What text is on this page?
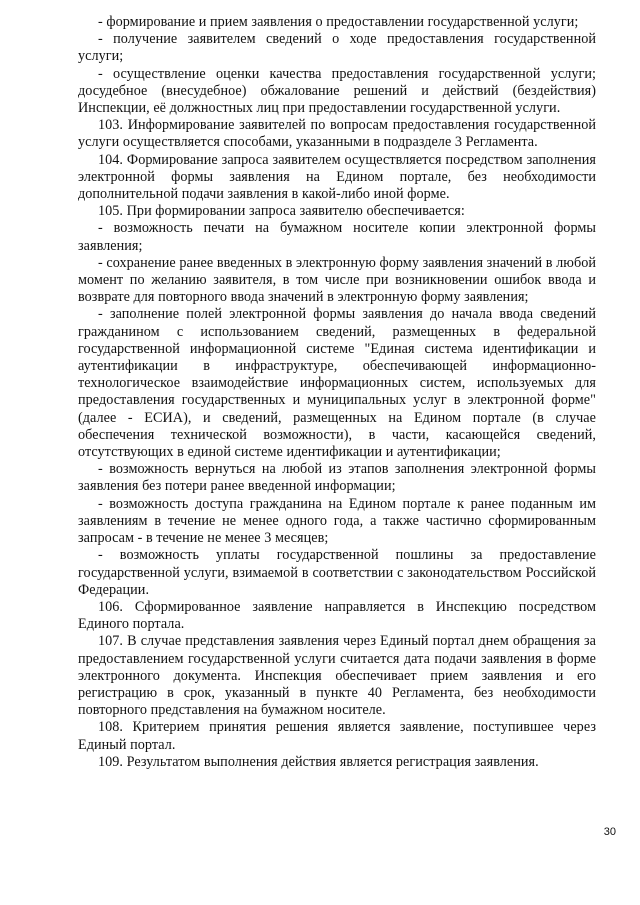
- формирование и прием заявления о предоставлении государственной услуги;

- получение заявителем сведений о ходе предоставления государственной услуги;

- осуществление оценки качества предоставления государственной услуги; досудебное (внесудебное) обжалование решений и действий (бездействия) Инспекции, её должностных лиц при предоставлении государственной услуги.

103. Информирование заявителей по вопросам предоставления государственной услуги осуществляется способами, указанными в подразделе 3 Регламента.

104. Формирование запроса заявителем осуществляется посредством заполнения электронной формы заявления на Едином портале, без необходимости дополнительной подачи заявления в какой-либо иной форме.

105. При формировании запроса заявителю обеспечивается:

- возможность печати на бумажном носителе копии электронной формы заявления;

- сохранение ранее введенных в электронную форму заявления значений в любой момент по желанию заявителя, в том числе при возникновении ошибок ввода и возврате для повторного ввода значений в электронную форму заявления;

- заполнение полей электронной формы заявления до начала ввода сведений гражданином с использованием сведений, размещенных в федеральной государственной информационной системе "Единая система идентификации и аутентификации в инфраструктуре, обеспечивающей информационно-технологическое взаимодействие информационных систем, используемых для предоставления государственных и муниципальных услуг в электронной форме" (далее - ЕСИА), и сведений, размещенных на Едином портале (в случае обеспечения технической возможности), в части, касающейся сведений, отсутствующих в единой системе идентификации и аутентификации;

- возможность вернуться на любой из этапов заполнения электронной формы заявления без потери ранее введенной информации;

- возможность доступа гражданина на Едином портале к ранее поданным им заявлениям в течение не менее одного года, а также частично сформированным запросам - в течение не менее 3 месяцев;

- возможность уплаты государственной пошлины за предоставление государственной услуги, взимаемой в соответствии с законодательством Российской Федерации.

106. Сформированное заявление направляется в Инспекцию посредством Единого портала.

107. В случае представления заявления через Единый портал днем обращения за предоставлением государственной услуги считается дата подачи заявления в форме электронного документа. Инспекция обеспечивает прием заявления и его регистрацию в срок, указанный в пункте 40 Регламента, без необходимости повторного представления на бумажном носителе.

108. Критерием принятия решения является заявление, поступившее через Единый портал.

109. Результатом выполнения действия является регистрация заявления.

30
